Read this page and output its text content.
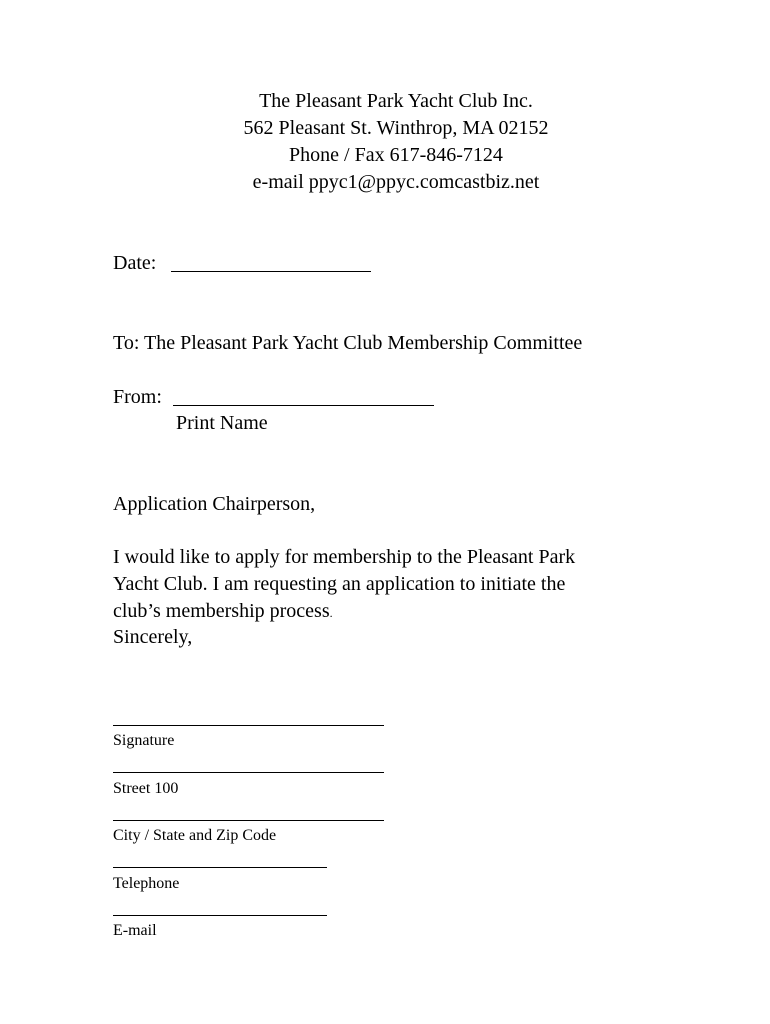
The Pleasant Park Yacht Club Inc.
562 Pleasant St. Winthrop, MA 02152
Phone / Fax 617-846-7124
e-mail ppyc1@ppyc.comcastbiz.net
Date:
To: The Pleasant Park Yacht Club Membership Committee
From:
Print Name
Application Chairperson,
I would like to apply for membership to the Pleasant Park
Yacht Club. I am requesting an application to initiate the
club’s membership process.
Sincerely,
Signature
Street 100
City / State and Zip Code
Telephone
E-mail
